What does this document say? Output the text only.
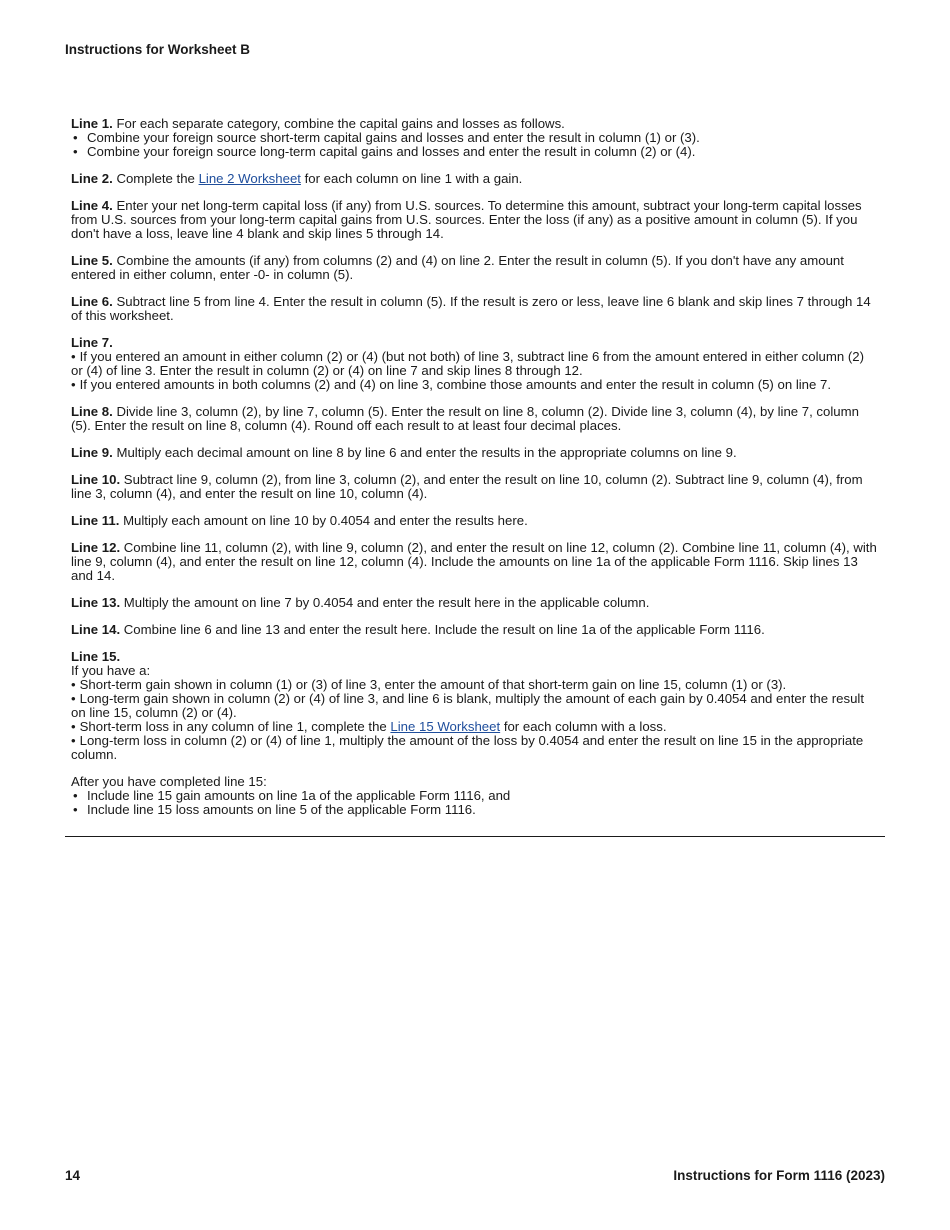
Instructions for Worksheet B
Line 1. For each separate category, combine the capital gains and losses as follows.
• Combine your foreign source short-term capital gains and losses and enter the result in column (1) or (3).
• Combine your foreign source long-term capital gains and losses and enter the result in column (2) or (4).
Line 2. Complete the Line 2 Worksheet for each column on line 1 with a gain.
Line 4. Enter your net long-term capital loss (if any) from U.S. sources. To determine this amount, subtract your long-term capital losses from U.S. sources from your long-term capital gains from U.S. sources. Enter the loss (if any) as a positive amount in column (5). If you don't have a loss, leave line 4 blank and skip lines 5 through 14.
Line 5. Combine the amounts (if any) from columns (2) and (4) on line 2. Enter the result in column (5). If you don't have any amount entered in either column, enter -0- in column (5).
Line 6. Subtract line 5 from line 4. Enter the result in column (5). If the result is zero or less, leave line 6 blank and skip lines 7 through 14 of this worksheet.
Line 7.
• If you entered an amount in either column (2) or (4) (but not both) of line 3, subtract line 6 from the amount entered in either column (2) or (4) of line 3. Enter the result in column (2) or (4) on line 7 and skip lines 8 through 12.
• If you entered amounts in both columns (2) and (4) on line 3, combine those amounts and enter the result in column (5) on line 7.
Line 8. Divide line 3, column (2), by line 7, column (5). Enter the result on line 8, column (2). Divide line 3, column (4), by line 7, column (5). Enter the result on line 8, column (4). Round off each result to at least four decimal places.
Line 9. Multiply each decimal amount on line 8 by line 6 and enter the results in the appropriate columns on line 9.
Line 10. Subtract line 9, column (2), from line 3, column (2), and enter the result on line 10, column (2). Subtract line 9, column (4), from line 3, column (4), and enter the result on line 10, column (4).
Line 11. Multiply each amount on line 10 by 0.4054 and enter the results here.
Line 12. Combine line 11, column (2), with line 9, column (2), and enter the result on line 12, column (2). Combine line 11, column (4), with line 9, column (4), and enter the result on line 12, column (4). Include the amounts on line 1a of the applicable Form 1116. Skip lines 13 and 14.
Line 13. Multiply the amount on line 7 by 0.4054 and enter the result here in the applicable column.
Line 14. Combine line 6 and line 13 and enter the result here. Include the result on line 1a of the applicable Form 1116.
Line 15.
If you have a:
• Short-term gain shown in column (1) or (3) of line 3, enter the amount of that short-term gain on line 15, column (1) or (3).
• Long-term gain shown in column (2) or (4) of line 3, and line 6 is blank, multiply the amount of each gain by 0.4054 and enter the result on line 15, column (2) or (4).
• Short-term loss in any column of line 1, complete the Line 15 Worksheet for each column with a loss.
• Long-term loss in column (2) or (4) of line 1, multiply the amount of the loss by 0.4054 and enter the result on line 15 in the appropriate column.
After you have completed line 15:
• Include line 15 gain amounts on line 1a of the applicable Form 1116, and
• Include line 15 loss amounts on line 5 of the applicable Form 1116.
14	Instructions for Form 1116 (2023)
